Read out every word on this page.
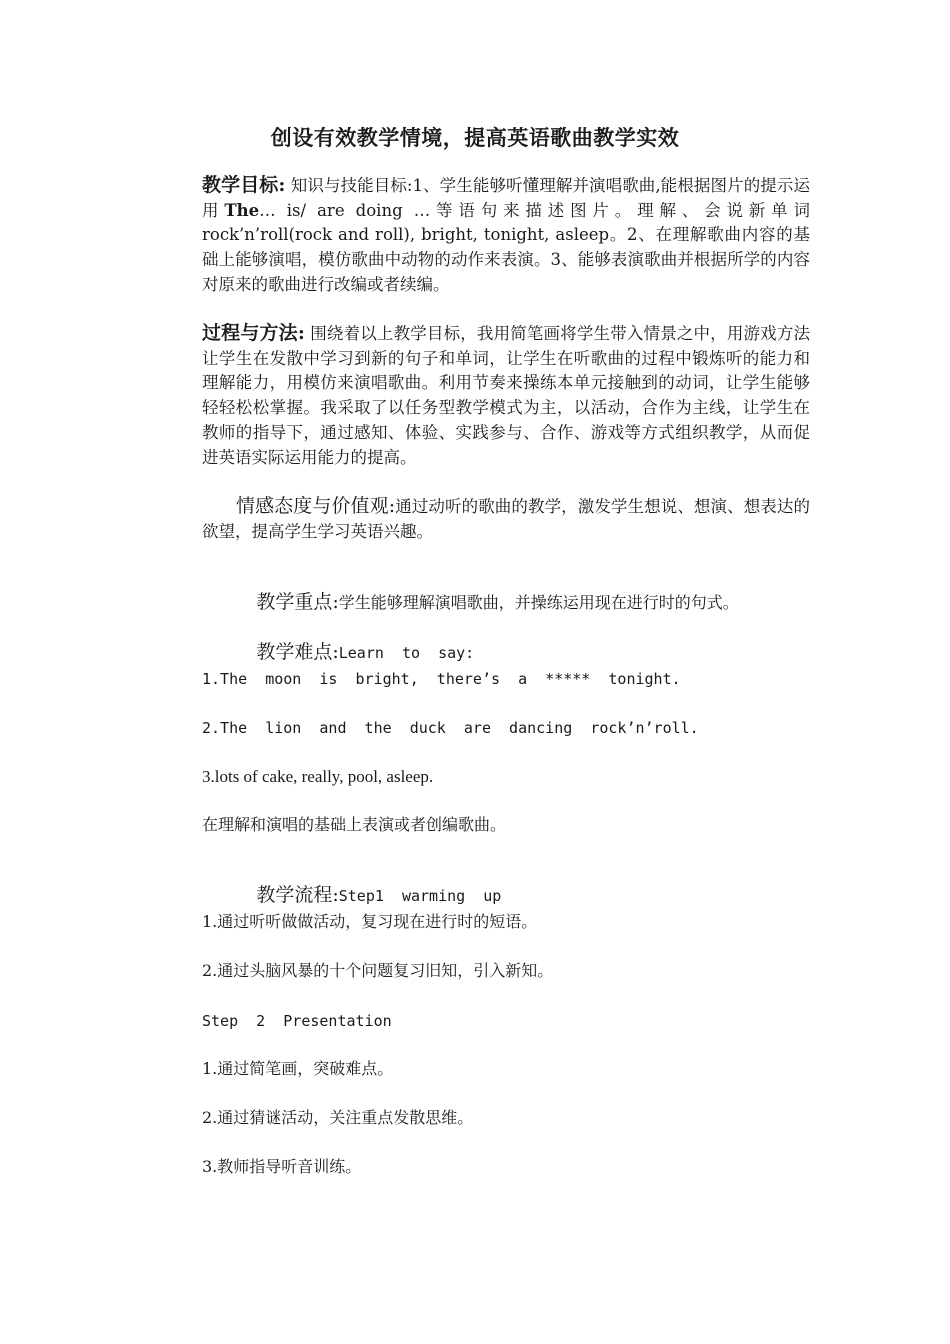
创设有效教学情境，提高英语歌曲教学实效
教学目标: 知识与技能目标:1、学生能够听懂理解并演唱歌曲,能根据图片的提示运用The… is/ are doing …等语句来描述图片。理解、会说新单词 rock’n’roll(rock and roll), bright, tonight, asleep。2、在理解歌曲内容的基础上能够演唱，模仿歌曲中动物的动作来表演。3、能够表演歌曲并根据所学的内容对原来的歌曲进行改编或者续编。
过程与方法: 围绕着以上教学目标，我用简笔画将学生带入情景之中，用游戏方法让学生在发散中学习到新的句子和单词，让学生在听歌曲的过程中锻炼听的能力和理解能力，用模仿来演唱歌曲。利用节奏来操练本单元接触到的动词，让学生能够轻轻松松掌握。我采取了以任务型教学模式为主，以活动，合作为主线，让学生在教师的指导下，通过感知、体验、实践参与、合作、游戏等方式组织教学，从而促进英语实际运用能力的提高。
情感态度与价值观:通过动听的歌曲的教学，激发学生想说、想演、想表达的欲望，提高学生学习英语兴趣。

教学重点:学生能够理解演唱歌曲，并操练运用现在进行时的句式。

教学难点:Learn  to  say:

1.The  moon  is  bright,  there’s  a  *****  tonight.
2.The  lion  and  the  duck  are  dancing  rock’n’roll.
3.lots of cake, really, pool, asleep.
在理解和演唱的基础上表演或者创编歌曲。

教学流程:Step1  warming  up

1.通过听听做做活动，复习现在进行时的短语。
2.通过头脑风暴的十个问题复习旧知，引入新知。
Step  2  Presentation
1.通过简笔画，突破难点。
2.通过猜谜活动，关注重点发散思维。
3.教师指导听音训练。
